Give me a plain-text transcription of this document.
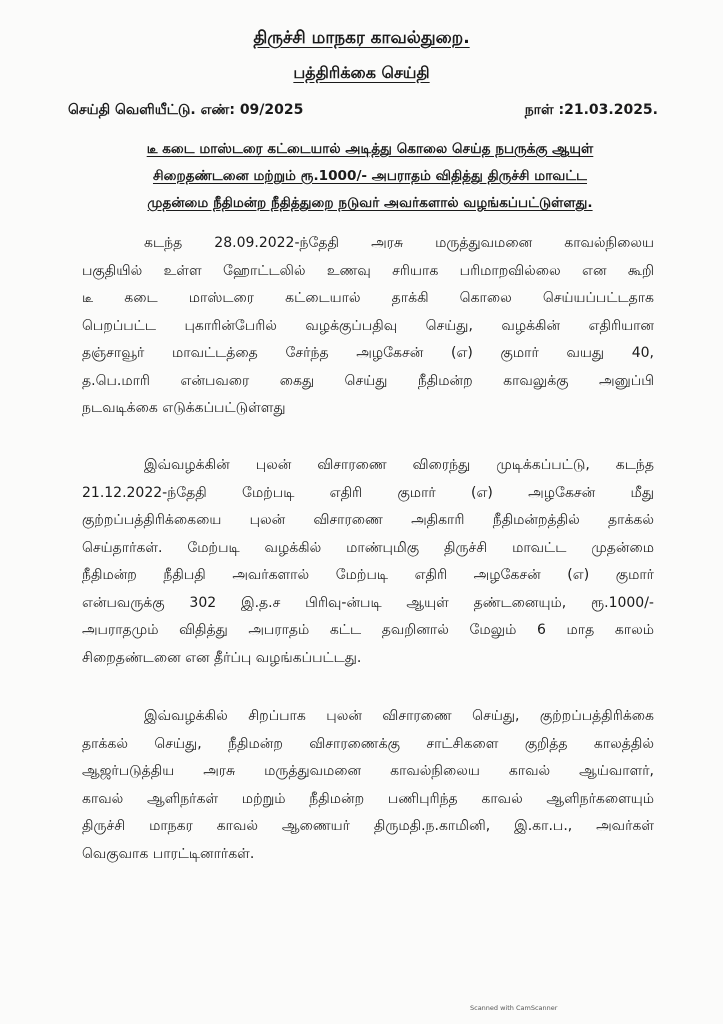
திருச்சி மாநகர காவல்துறை.
பத்திரிக்கை செய்தி
செய்தி வெளியீட்டு. எண்: 09/2025	நாள் :21.03.2025.
டீ கடை மாஸ்டரை கட்டையால் அடித்து கொலை செய்த நபருக்கு ஆயுள்
சிறைதண்டனை மற்றும் ரூ.1000/- அபராதம் விதித்து திருச்சி மாவட்ட
முதன்மை நீதிமன்ற நீதித்துறை நடுவர் அவர்களால் வழங்கப்பட்டுள்ளது.
கடந்த 28.09.2022-ந்தேதி அரசு மருத்துவமனை காவல்நிலைய
பகுதியில் உள்ள ஹோட்டலில் உணவு சரியாக பரிமாறவில்லை என கூறி
டீ கடை மாஸ்டரை கட்டையால் தாக்கி கொலை செய்யப்பட்டதாக
பெறப்பட்ட புகாரின்பேரில் வழக்குப்பதிவு செய்து, வழக்கின் எதிரியான
தஞ்சாவூர் மாவட்டத்தை சேர்ந்த அழகேசன் (எ) குமார் வயது 40,
த.பெ.மாரி என்பவரை கைது செய்து நீதிமன்ற காவலுக்கு அனுப்பி
நடவடிக்கை எடுக்கப்பட்டுள்ளது
இவ்வழக்கின் புலன் விசாரணை விரைந்து முடிக்கப்பட்டு, கடந்த
21.12.2022-ந்தேதி மேற்படி எதிரி குமார் (எ) அழகேசன் மீது
குற்றப்பத்திரிக்கையை புலன் விசாரணை அதிகாரி நீதிமன்றத்தில் தாக்கல்
செய்தார்கள். மேற்படி வழக்கில் மாண்புமிகு திருச்சி மாவட்ட முதன்மை
நீதிமன்ற நீதிபதி அவர்களால் மேற்படி எதிரி அழகேசன் (எ) குமார்
என்பவருக்கு 302 இ.த.ச பிரிவு-ன்படி ஆயுள் தண்டனையும், ரூ.1000/-
அபராதமும் விதித்து அபராதம் கட்ட தவறினால் மேலும் 6 மாத காலம்
சிறைதண்டனை என தீர்ப்பு வழங்கப்பட்டது.
இவ்வழக்கில் சிறப்பாக புலன் விசாரணை செய்து, குற்றப்பத்திரிக்கை
தாக்கல் செய்து, நீதிமன்ற விசாரணைக்கு சாட்சிகளை குறித்த காலத்தில்
ஆஜர்படுத்திய அரசு மருத்துவமனை காவல்நிலைய காவல் ஆய்வாளர்,
காவல் ஆளிநர்கள் மற்றும் நீதிமன்ற பணிபுரிந்த காவல் ஆளிநர்களையும்
திருச்சி மாநகர காவல் ஆணையர் திருமதி.ந.காமினி, இ.கா.ப., அவர்கள்
வெகுவாக பாரட்டினார்கள்.
Scanned with CamScanner
